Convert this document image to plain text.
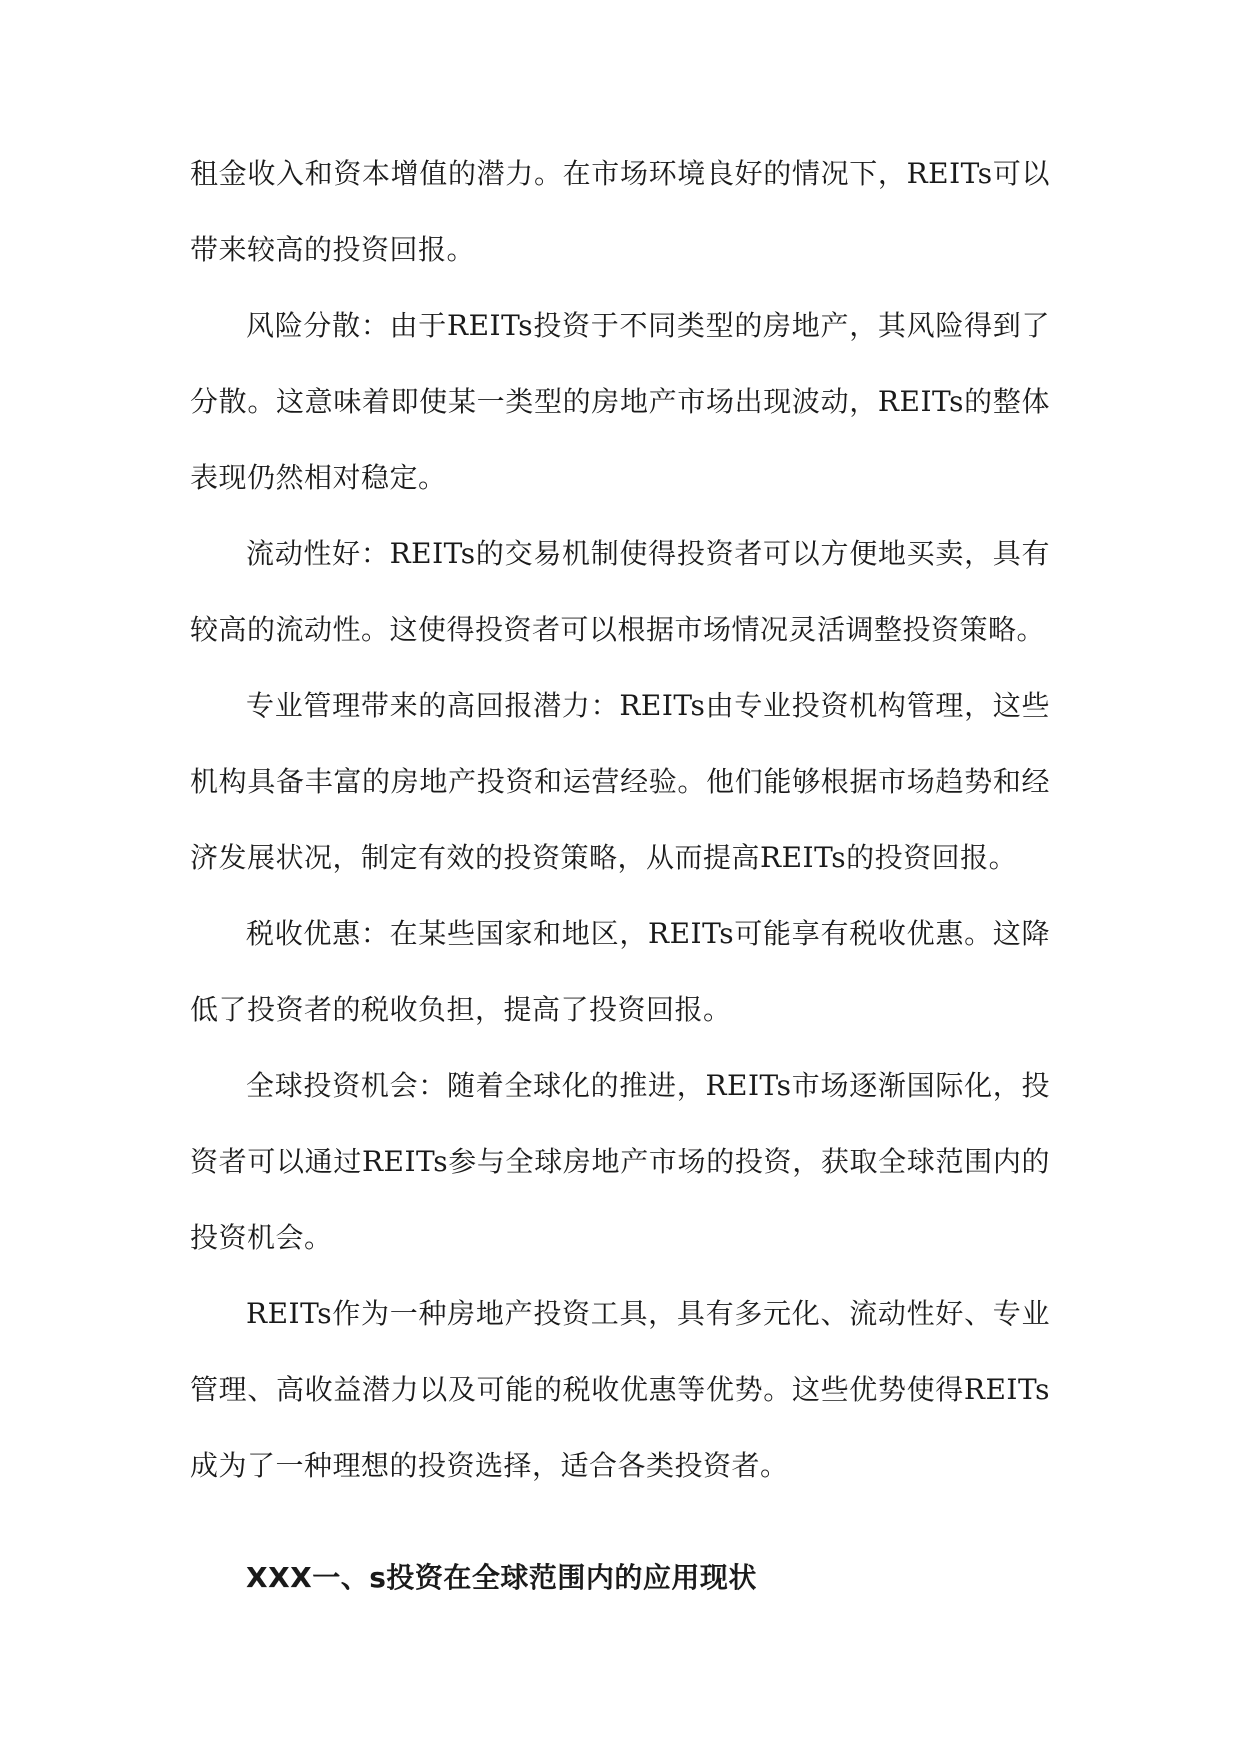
租金收入和资本增值的潜力。在市场环境良好的情况下，REITs可以带来较高的投资回报。

风险分散：由于REITs投资于不同类型的房地产，其风险得到了分散。这意味着即使某一类型的房地产市场出现波动，REITs的整体表现仍然相对稳定。

流动性好：REITs的交易机制使得投资者可以方便地买卖，具有较高的流动性。这使得投资者可以根据市场情况灵活调整投资策略。

专业管理带来的高回报潜力：REITs由专业投资机构管理，这些机构具备丰富的房地产投资和运营经验。他们能够根据市场趋势和经济发展状况，制定有效的投资策略，从而提高REITs的投资回报。

税收优惠：在某些国家和地区，REITs可能享有税收优惠。这降低了投资者的税收负担，提高了投资回报。

全球投资机会：随着全球化的推进，REITs市场逐渐国际化，投资者可以通过REITs参与全球房地产市场的投资，获取全球范围内的投资机会。

REITs作为一种房地产投资工具，具有多元化、流动性好、专业管理、高收益潜力以及可能的税收优惠等优势。这些优势使得REITs成为了一种理想的投资选择，适合各类投资者。

XXX一、s投资在全球范围内的应用现状
